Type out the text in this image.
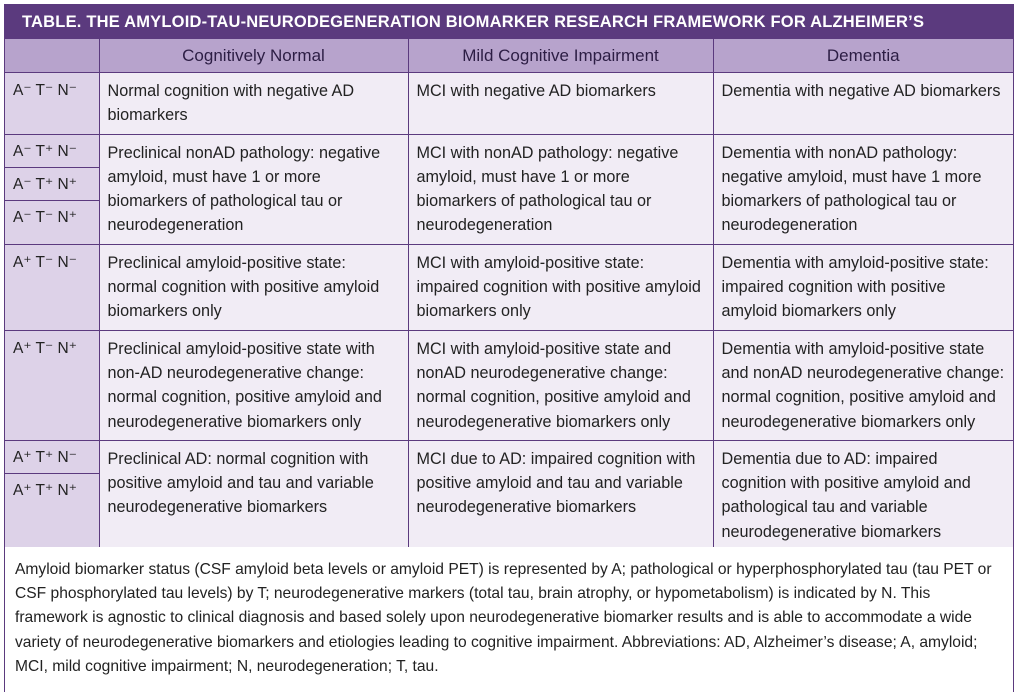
TABLE. THE AMYLOID-TAU-NEURODEGENERATION BIOMARKER RESEARCH FRAMEWORK FOR ALZHEIMER’S
	Cognitively Normal	Mild Cognitive Impairment	Dementia

A⁻ T⁻ N⁻	Normal cognition with negative AD biomarkers	MCI with negative AD biomarkers	Dementia with negative AD biomarkers

A⁻ T⁺ N⁻
A⁻ T⁺ N⁺
A⁻ T⁻ N⁺	Preclinical nonAD pathology: negative amyloid, must have 1 or more biomarkers of pathological tau or neurodegeneration	MCI with nonAD pathology: negative amyloid, must have 1 or more biomarkers of pathological tau or neurodegeneration	Dementia with nonAD pathology: negative amyloid, must have 1 more biomarkers of pathological tau or neurodegeneration

A⁺ T⁻ N⁻	Preclinical amyloid-positive state: normal cognition with positive amyloid biomarkers only	MCI with amyloid-positive state: impaired cognition with positive amyloid biomarkers only	Dementia with amyloid-positive state: impaired cognition with positive amyloid biomarkers only

A⁺ T⁻ N⁺	Preclinical amyloid-positive state with non-AD neurodegenerative change: normal cognition, positive amyloid and neurodegenerative biomarkers only	MCI with amyloid-positive state and nonAD neurodegenerative change: normal cognition, positive amyloid and neurodegenerative biomarkers only	Dementia with amyloid-positive state and nonAD neurodegenerative change: normal cognition, positive amyloid and neurodegenerative biomarkers only

A⁺ T⁺ N⁻
A⁺ T⁺ N⁺	Preclinical AD: normal cognition with positive amyloid and tau and variable neurodegenerative biomarkers	MCI due to AD: impaired cognition with positive amyloid and tau and variable neurodegenerative biomarkers	Dementia due to AD: impaired cognition with positive amyloid and pathological tau and variable neurodegenerative biomarkers
Amyloid biomarker status (CSF amyloid beta levels or amyloid PET) is represented by A; pathological or hyperphosphorylated tau (tau PET or CSF phosphorylated tau levels) by T; neurodegenerative markers (total tau, brain atrophy, or hypometabolism) is indicated by N. This framework is agnostic to clinical diagnosis and based solely upon neurodegenerative biomarker results and is able to accommodate a wide variety of neurodegenerative biomarkers and etiologies leading to cognitive impairment. Abbreviations: AD, Alzheimer’s disease; A, amyloid; MCI, mild cognitive impairment; N, neurodegeneration; T, tau.
